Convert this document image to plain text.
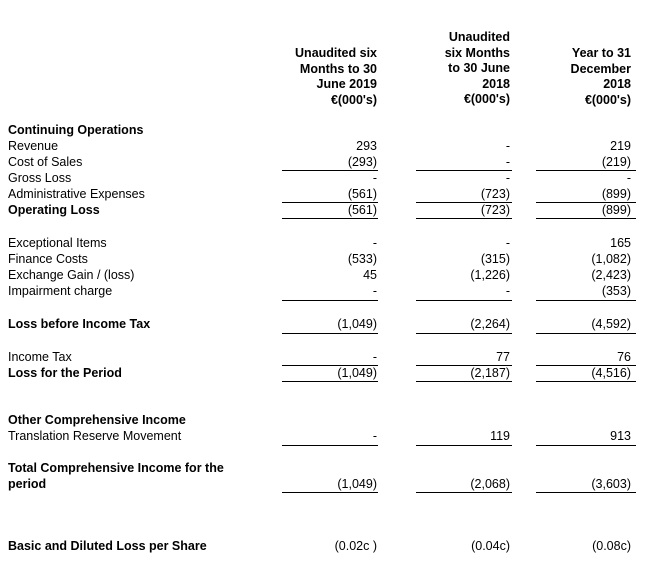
Unaudited six
Months to 30
June 2019
€(000's)
Unaudited
six Months
to 30 June
2018
€(000's)
Year to 31
December
2018
€(000's)
Continuing Operations
Revenue	293	-	219
Cost of Sales	(293)	-	(219)
Gross Loss	-	-	-
Administrative Expenses	(561)	(723)	(899)
Operating Loss	(561)	(723)	(899)
Exceptional Items	-	-	165
Finance Costs	(533)	(315)	(1,082)
Exchange Gain / (loss)	45	(1,226)	(2,423)
Impairment charge	-	-	(353)
Loss before Income Tax	(1,049)	(2,264)	(4,592)
Income Tax	-	77	76
Loss for the Period	(1,049)	(2,187)	(4,516)
Other Comprehensive Income
Translation Reserve Movement	-	119	913
Total Comprehensive Income for the
period	(1,049)	(2,068)	(3,603)
Basic and Diluted Loss per Share	(0.02c )	(0.04c)	(0.08c)
